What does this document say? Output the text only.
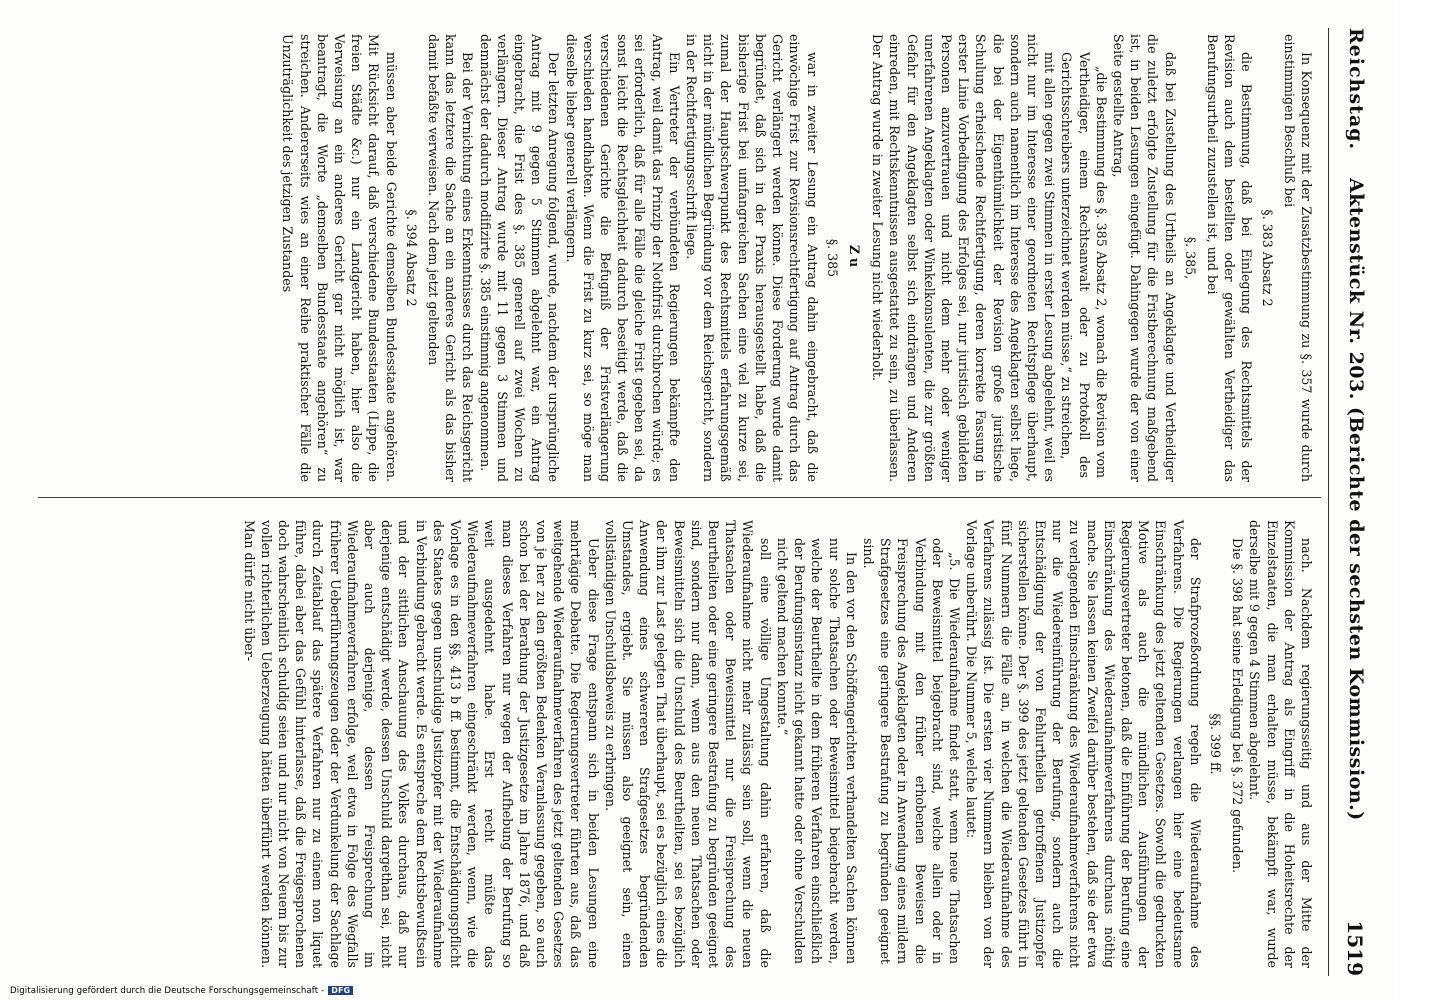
Reichstag.
Aktenstück Nr. 203. (Berichte der sechsten Kommission.)
1519

In Konsequenz mit der Zusatzbestimmung zu §. 357 wurde durch einstimmigen Beschluß bei

§. 383 Absatz 2

die Bestimmung, daß bei Einlegung des Rechtsmittels der Revision auch dem bestellten oder gewählten Vertheidiger das Berufungsurtheil zuzustellen ist, und bei

§. 385,

daß bei Zustellung des Urtheils an Angeklagte und Vertheidiger die zuletzt erfolgte Zustellung für die Fristberechnung maßgebend ist, in beiden Lesungen eingefügt. Dahingegen wurde der von einer Seite gestellte Antrag,

„die Bestimmung des §. 385 Absatz 2, wonach die Revision vom Vertheidiger, einem Rechtsanwalt oder zu Protokoll des Gerichtsschreibers unterzeichnet werden müsse,“ zu streichen,

mit allen gegen zwei Stimmen in erster Lesung abgelehnt, weil es nicht nur im Interesse einer geordneten Rechtspflege überhaupt, sondern auch namentlich im Interesse des Angeklagten selbst liege, die bei der Eigenthümlichkeit der Revision große juristische Schulung erheischende Rechtfertigung, deren korrekte Fassung in erster Linie Vorbedingung des Erfolges sei, nur juristisch gebildeten Personen anzuvertrauen und nicht dem mehr oder weniger unerfahrenen Angeklagten oder Winkelkonsulenten, die zur größten Gefahr für den Angeklagten selbst sich eindrängen und Anderen einreden, mit Rechtskenntnissen ausgestattet zu sein, zu überlassen. Der Antrag wurde in zweiter Lesung nicht wiederholt.

Zu

§. 385

war in zweiter Lesung ein Antrag dahin eingebracht, daß die einwöchige Frist zur Revisionsrechtfertigung auf Antrag durch das Gericht verlängert werden könne. Diese Forderung wurde damit begründet, daß sich in der Praxis herausgestellt habe, daß die bisherige Frist bei umfangreichen Sachen eine viel zu kurze sei, zumal der Hauptschwerpunkt des Rechtsmittels erfahrungsgemäß nicht in der mündlichen Begründung vor dem Reichsgericht, sondern in der Rechtfertigungsschrift liege.

Ein Vertreter der verbündeten Regierungen bekämpfte den Antrag, weil damit das Prinzip der Nothfrist durchbrochen würde; es sei erforderlich, daß für alle Fälle die gleiche Frist gegeben sei, da sonst leicht die Rechtsgleichheit dadurch beseitigt werde, daß die verschiedenen Gerichte die Befugniß der Fristverlängerung verschieden handhabten. Wenn die Frist zu kurz sei, so möge man dieselbe lieber generell verlängern.

Der letzten Anregung folgend, wurde, nachdem der ursprüngliche Antrag mit 9 gegen 5 Stimmen abgelehnt war, ein Antrag eingebracht, die Frist des §. 385 generell auf zwei Wochen zu verlängern. Dieser Antrag wurde mit 11 gegen 3 Stimmen und demnächst der dadurch modifizirte §. 385 einstimmig angenommen.

Bei der Vernichtung eines Erkenntnisses durch das Reichsgericht kann das letztere die Sache an ein anderes Gericht als das bisher damit befaßte verweisen. Nach dem jetzt geltenden

§. 394 Absatz 2

müssen aber beide Gerichte demselben Bundesstaate angehören. Mit Rücksicht darauf, daß verschiedene Bundesstaaten (Lippe, die freien Städte &c.) nur ein Landgericht haben, hier also die Verweisung an ein anderes Gericht gar nicht möglich ist, war beantragt, die Worte „demselben Bundesstaate angehören“ zu streichen. Andererseits wies an einer Reihe praktischer Fälle die Unzuträglichkeit des jetzigen Zustandes

nach. Nachdem regierungsseitig und aus der Mitte der Kommission der Antrag als Eingriff in die Hoheitsrechte der Einzelstaaten, die man erhalten müsse, bekämpft war, wurde derselbe mit 9 gegen 4 Stimmen abgelehnt.

Die §. 398 hat seine Erledigung bei §. 372 gefunden.

§§. 399 ff.

der Strafprozeßordnung regeln die Wiederaufnahme des Verfahrens. Die Regierungen verlangen hier eine bedeutsame Einschränkung des jetzt geltenden Gesetzes. Sowohl die gedruckten Motive als auch die mündlichen Ausführungen der Regierungsvertreter betonen, daß die Einführung der Berufung eine Einschränkung des Wiederaufnahmeverfahrens durchaus nöthig mache. Sie lassen keinen Zweifel darüber bestehen, daß sie der etwa zu verlagenden Einschränkung des Wiederaufnahmeverfahrens nicht nur die Wiedereinführung der Berufung, sondern auch die Entschädigung der von Fehlurtheilen getroffenen Justizopfer sicherstellen könne. Der §. 399 des jetzt geltenden Gesetzes führt in fünf Nummern die Fälle an, in welchen die Wiederaufnahme des Verfahrens zulässig ist. Die ersten vier Nummern bleiben von der Vorlage unberührt. Die Nummer 5, welche lautet:

„5. Die Wiederaufnahme findet statt, wenn neue Thatsachen oder Beweismittel beigebracht sind, welche allein oder in Verbindung mit den früher erhobenen Beweisen die Freisprechung des Angeklagten oder in Anwendung eines mildern Strafgesetzes eine geringere Bestrafung zu begründen geeignet sind.

In den vor den Schöffengerichten verhandelten Sachen können nur solche Thatsachen oder Beweismittel beigebracht werden, welche der Beurtheilte in dem früheren Verfahren einschließlich der Berufungsinstanz nicht gekannt hatte oder ohne Verschulden nicht geltend machen konnte.“

soll eine völlige Umgestaltung dahin erfahren, daß die Wiederaufnahme nicht mehr zulässig sein soll, wenn die neuen Thatsachen oder Beweismittel nur die Freisprechung des Beurtheilten oder eine geringere Bestrafung zu begründen geeignet sind, sondern nur dann, wenn aus den neuen Thatsachen oder Beweismitteln sich die Unschuld des Beurtheilten, sei es bezüglich der ihm zur Last gelegten That überhaupt, sei es bezüglich eines die Anwendung eines schwereren Strafgesetzes begründenden Umstandes, ergiebt. Sie müssen also geeignet sein, einen vollständigen Unschuldsbeweis zu erbringen.

Ueber diese Frage entspann sich in beiden Lesungen eine mehrtägige Debatte. Die Regierungsvertreter führten aus, daß das weitgehende Wiederaufnahmeverfahren des jetzt geltenden Gesetzes von je her zu den größten Bedenken Veranlassung gegeben, so auch schon bei der Berathung der Justizgesetze im Jahre 1876, und daß man dieses Verfahren nur wegen der Aufhebung der Berufung so weit ausgedehnt habe. Erst recht müßte das Wiederaufnahmeverfahren eingeschränkt werden, wenn, wie die Vorlage es in den §§. 413 b ff. bestimmt, die Entschädigungspflicht des Staates gegen unschuldige Justizopfer mit der Wiederaufnahme in Verbindung gebracht werde. Es entspreche dem Rechtsbewußtsein und der sittlichen Anschauung des Volkes durchaus, daß nur derjenige entschädigt werde, dessen Unschuld dargethan sei, nicht aber auch derjenige, dessen Freisprechung im Wiederaufnahmeverfahren erfolge, weil etwa in Folge des Wegfalls früherer Ueberführungszeugen oder der Verdunkelung der Sachlage durch Zeitablauf das spätere Verfahren nur zu einem non liquet führe, dabei aber das Gefühl hinterlasse, daß die Freigesprochenen doch wahrscheinlich schuldig seien und nur nicht von Neuem bis zur vollen richterlichen Ueberzeugung hätten überführt werden können. Man dürfe nicht über-

Digitalisierung gefördert durch die Deutsche Forschungsgemeinschaft - DFG
